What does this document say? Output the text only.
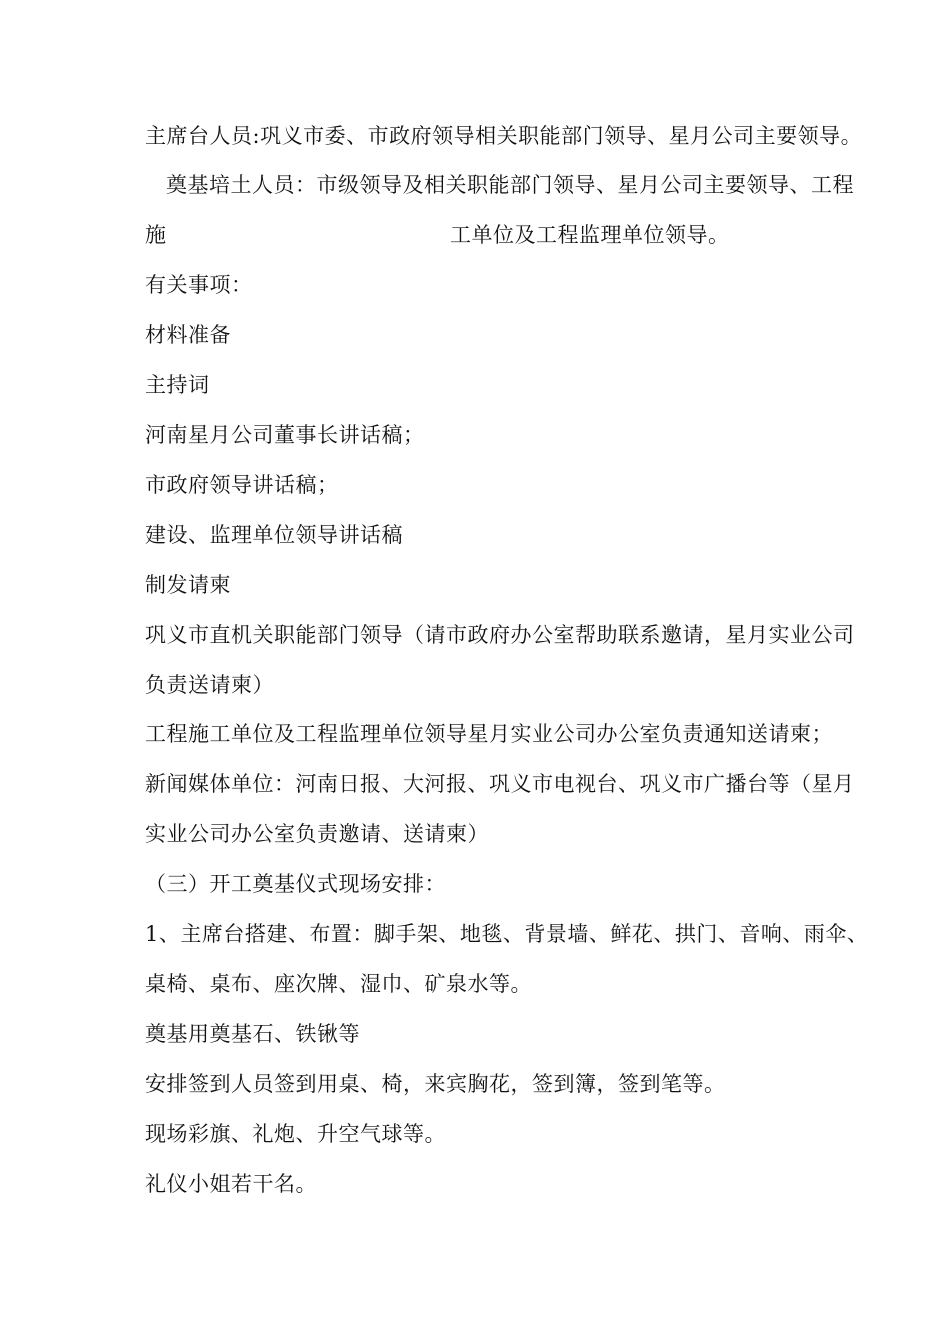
主席台人员:巩义市委、市政府领导相关职能部门领导、星月公司主要领导。
奠基培土人员：市级领导及相关职能部门领导、星月公司主要领导、工程
施	工单位及工程监理单位领导。
有关事项：
材料准备
主持词
河南星月公司董事长讲话稿；
市政府领导讲话稿；
建设、监理单位领导讲话稿
制发请柬
巩义市直机关职能部门领导（请市政府办公室帮助联系邀请，星月实业公司
负责送请柬）
工程施工单位及工程监理单位领导星月实业公司办公室负责通知送请柬；
新闻媒体单位：河南日报、大河报、巩义市电视台、巩义市广播台等（星月
实业公司办公室负责邀请、送请柬）
（三）开工奠基仪式现场安排：
1、主席台搭建、布置：脚手架、地毯、背景墙、鲜花、拱门、音响、雨伞、
桌椅、桌布、座次牌、湿巾、矿泉水等。
奠基用奠基石、铁锹等
安排签到人员签到用桌、椅，来宾胸花，签到簿，签到笔等。
现场彩旗、礼炮、升空气球等。
礼仪小姐若干名。
